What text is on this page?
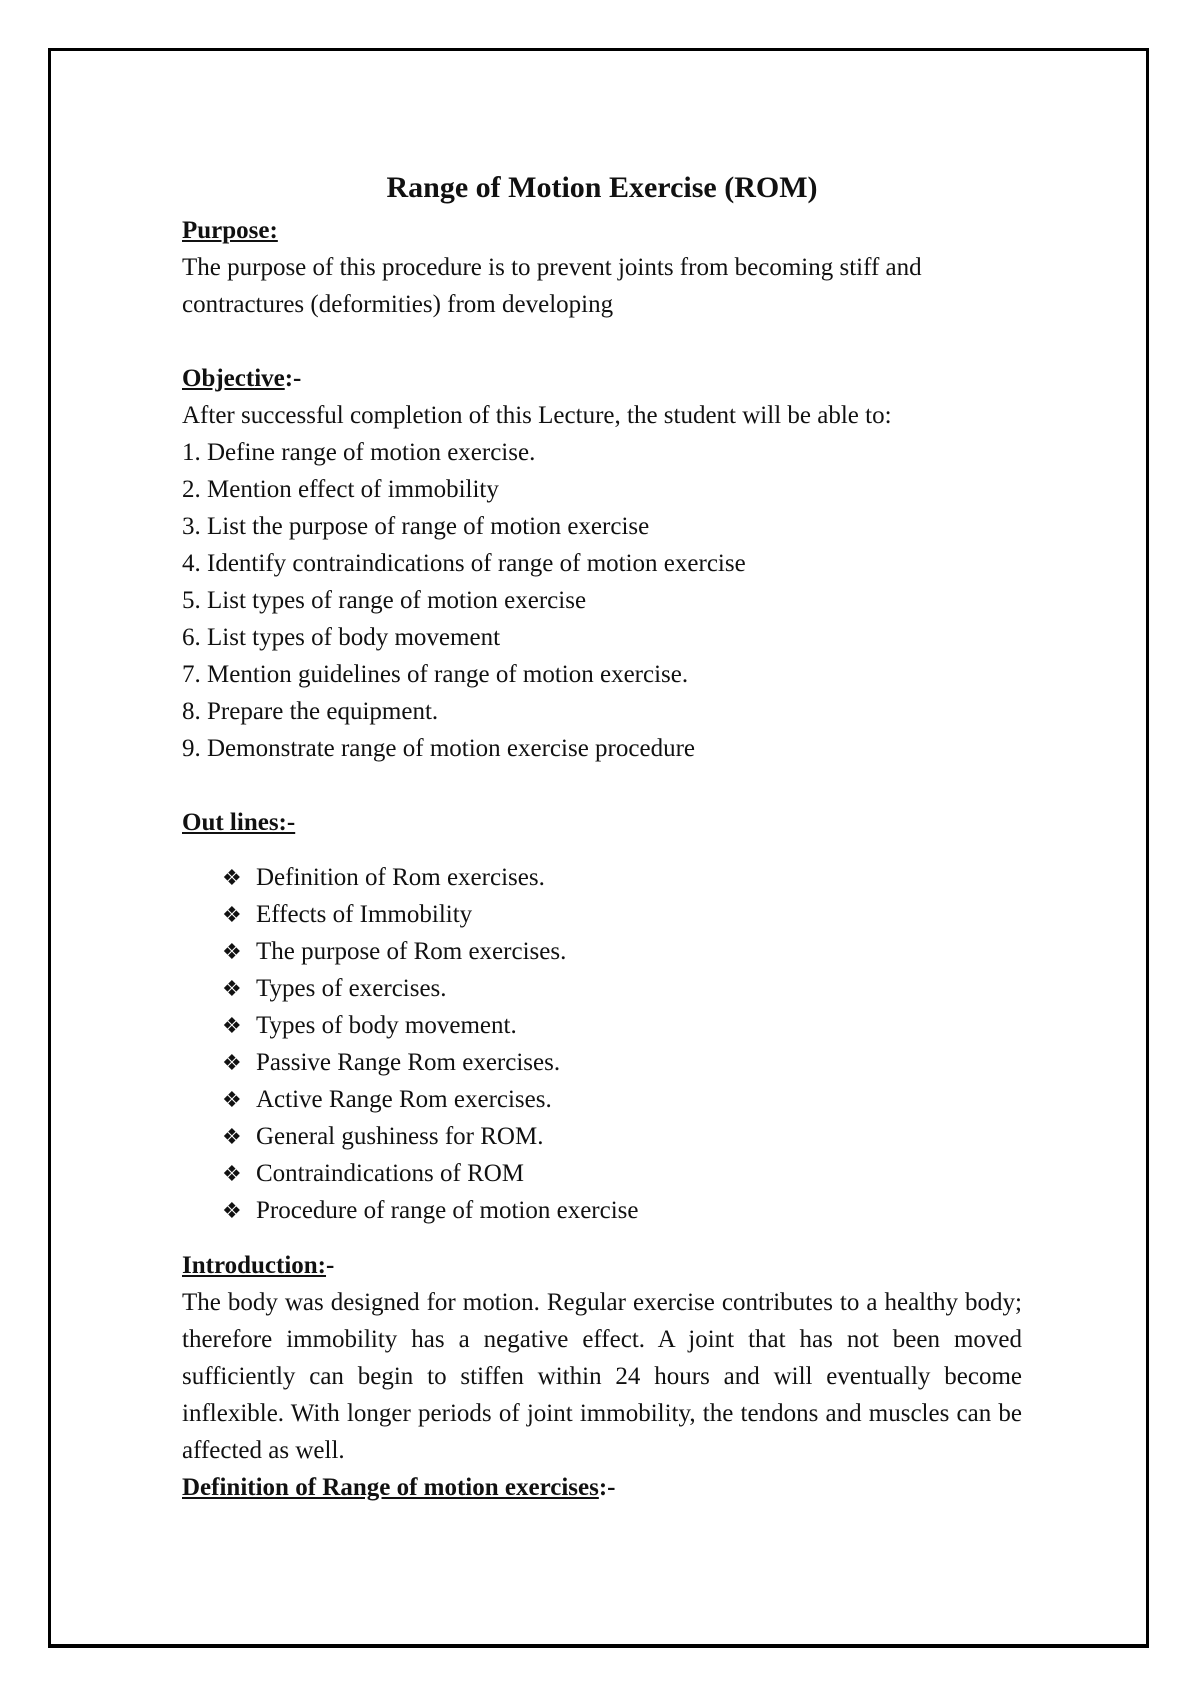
Range of Motion Exercise (ROM)

Purpose:

The purpose of this procedure is to prevent joints from becoming stiff and contractures (deformities) from developing

Objective:-

After successful completion of this Lecture, the student will be able to:

1. Define range of motion exercise.
2. Mention effect of immobility
3. List the purpose of range of motion exercise
4. Identify contraindications of range of motion exercise
5. List types of range of motion exercise
6. List types of body movement
7. Mention guidelines of range of motion exercise.
8. Prepare the equipment.
9. Demonstrate range of motion exercise procedure

Out lines:-

❖ Definition of Rom exercises.
❖ Effects of Immobility
❖ The purpose of Rom exercises.
❖ Types of exercises.
❖ Types of body movement.
❖ Passive Range Rom exercises.
❖ Active Range Rom exercises.
❖ General gushiness for ROM.
❖ Contraindications of ROM
❖ Procedure of range of motion exercise

Introduction:-

The body was designed for motion. Regular exercise contributes to a healthy body; therefore immobility has a negative effect. A joint that has not been moved sufficiently can begin to stiffen within 24 hours and will eventually become inflexible. With longer periods of joint immobility, the tendons and muscles can be affected as well.

Definition of Range of motion exercises:-
